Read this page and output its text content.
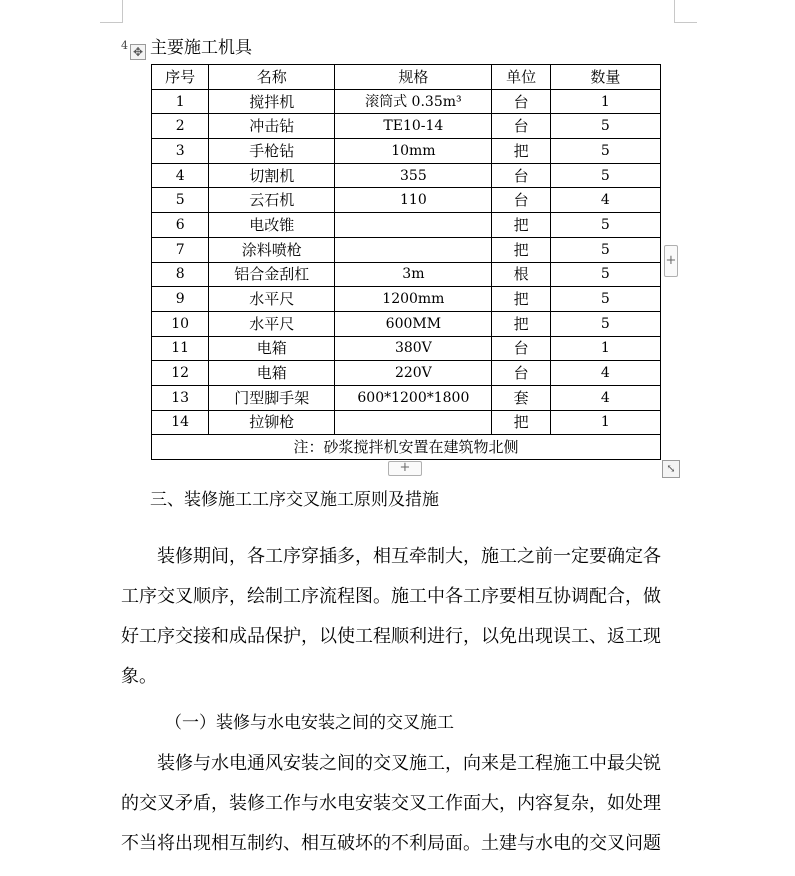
4 ✥ 主要施工机具
序号	名称	规格	单位	数量
1	搅拌机	滚筒式 0.35m³	台	1
2	冲击钻	TE10-14	台	5
3	手枪钻	10mm	把	5
4	切割机	355	台	5
5	云石机	110	台	4
6	电改锥		把	5
7	涂料喷枪		把	5
8	铝合金刮杠	3m	根	5
9	水平尺	1200mm	把	5
10	水平尺	600MM	把	5
11	电箱	380V	台	1
12	电箱	220V	台	4
13	门型脚手架	600*1200*1800	套	4
14	拉铆枪		把	1
注：砂浆搅拌机安置在建筑物北侧				
+
+	⤡
三、装修施工工序交叉施工原则及措施
装修期间，各工序穿插多，相互牵制大，施工之前一定要确定各工序交叉顺序，绘制工序流程图。施工中各工序要相互协调配合，做好工序交接和成品保护，以使工程顺利进行，以免出现误工、返工现象。
（一）装修与水电安装之间的交叉施工
装修与水电通风安装之间的交叉施工，向来是工程施工中最尖锐的交叉矛盾，装修工作与水电安装交叉工作面大，内容复杂，如处理不当将出现相互制约、相互破坏的不利局面。土建与水电的交叉问题
